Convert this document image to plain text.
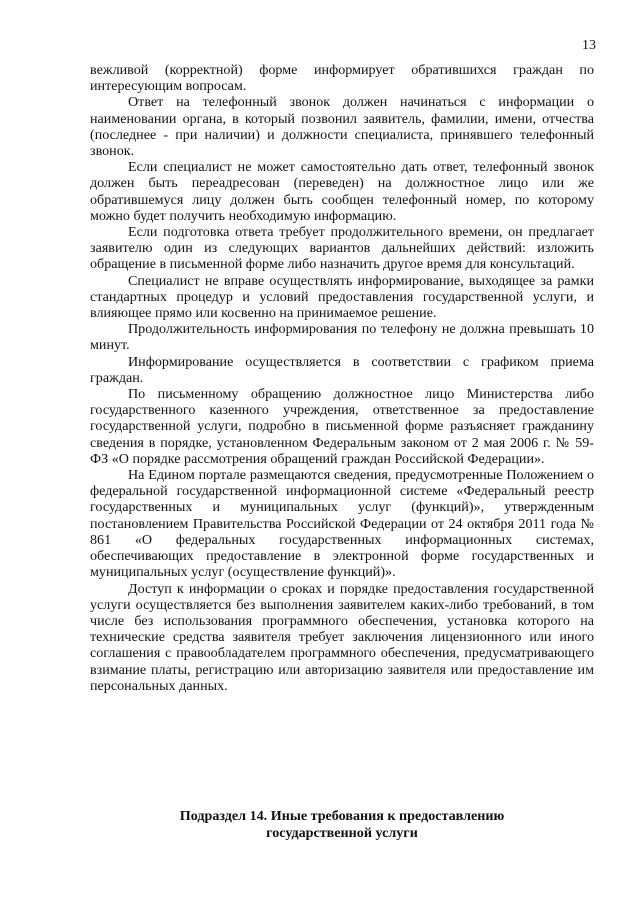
13

вежливой (корректной) форме информирует обратившихся граждан по интересующим вопросам.

Ответ на телефонный звонок должен начинаться с информации о наименовании органа, в который позвонил заявитель, фамилии, имени, отчества (последнее - при наличии) и должности специалиста, принявшего телефонный звонок.

Если специалист не может самостоятельно дать ответ, телефонный звонок должен быть переадресован (переведен) на должностное лицо или же обратившемуся лицу должен быть сообщен телефонный номер, по которому можно будет получить необходимую информацию.

Если подготовка ответа требует продолжительного времени, он предлагает заявителю один из следующих вариантов дальнейших действий: изложить обращение в письменной форме либо назначить другое время для консультаций.

Специалист не вправе осуществлять информирование, выходящее за рамки стандартных процедур и условий предоставления государственной услуги, и влияющее прямо или косвенно на принимаемое решение.

Продолжительность информирования по телефону не должна превышать 10 минут.

Информирование осуществляется в соответствии с графиком приема граждан.

По письменному обращению должностное лицо Министерства либо государственного казенного учреждения, ответственное за предоставление государственной услуги, подробно в письменной форме разъясняет гражданину сведения в порядке, установленном Федеральным законом от 2 мая 2006 г. № 59-ФЗ «О порядке рассмотрения обращений граждан Российской Федерации».

На Едином портале размещаются сведения, предусмотренные Положением о федеральной государственной информационной системе «Федеральный реестр государственных и муниципальных услуг (функций)», утвержденным постановлением Правительства Российской Федерации от 24 октября 2011 года № 861 «О федеральных государственных информационных системах, обеспечивающих предоставление в электронной форме государственных и муниципальных услуг (осуществление функций)».

Доступ к информации о сроках и порядке предоставления государственной услуги осуществляется без выполнения заявителем каких-либо требований, в том числе без использования программного обеспечения, установка которого на технические средства заявителя требует заключения лицензионного или иного соглашения с правообладателем программного обеспечения, предусматривающего взимание платы, регистрацию или авторизацию заявителя или предоставление им персональных данных.

Подраздел 14. Иные требования к предоставлению
государственной услуги
